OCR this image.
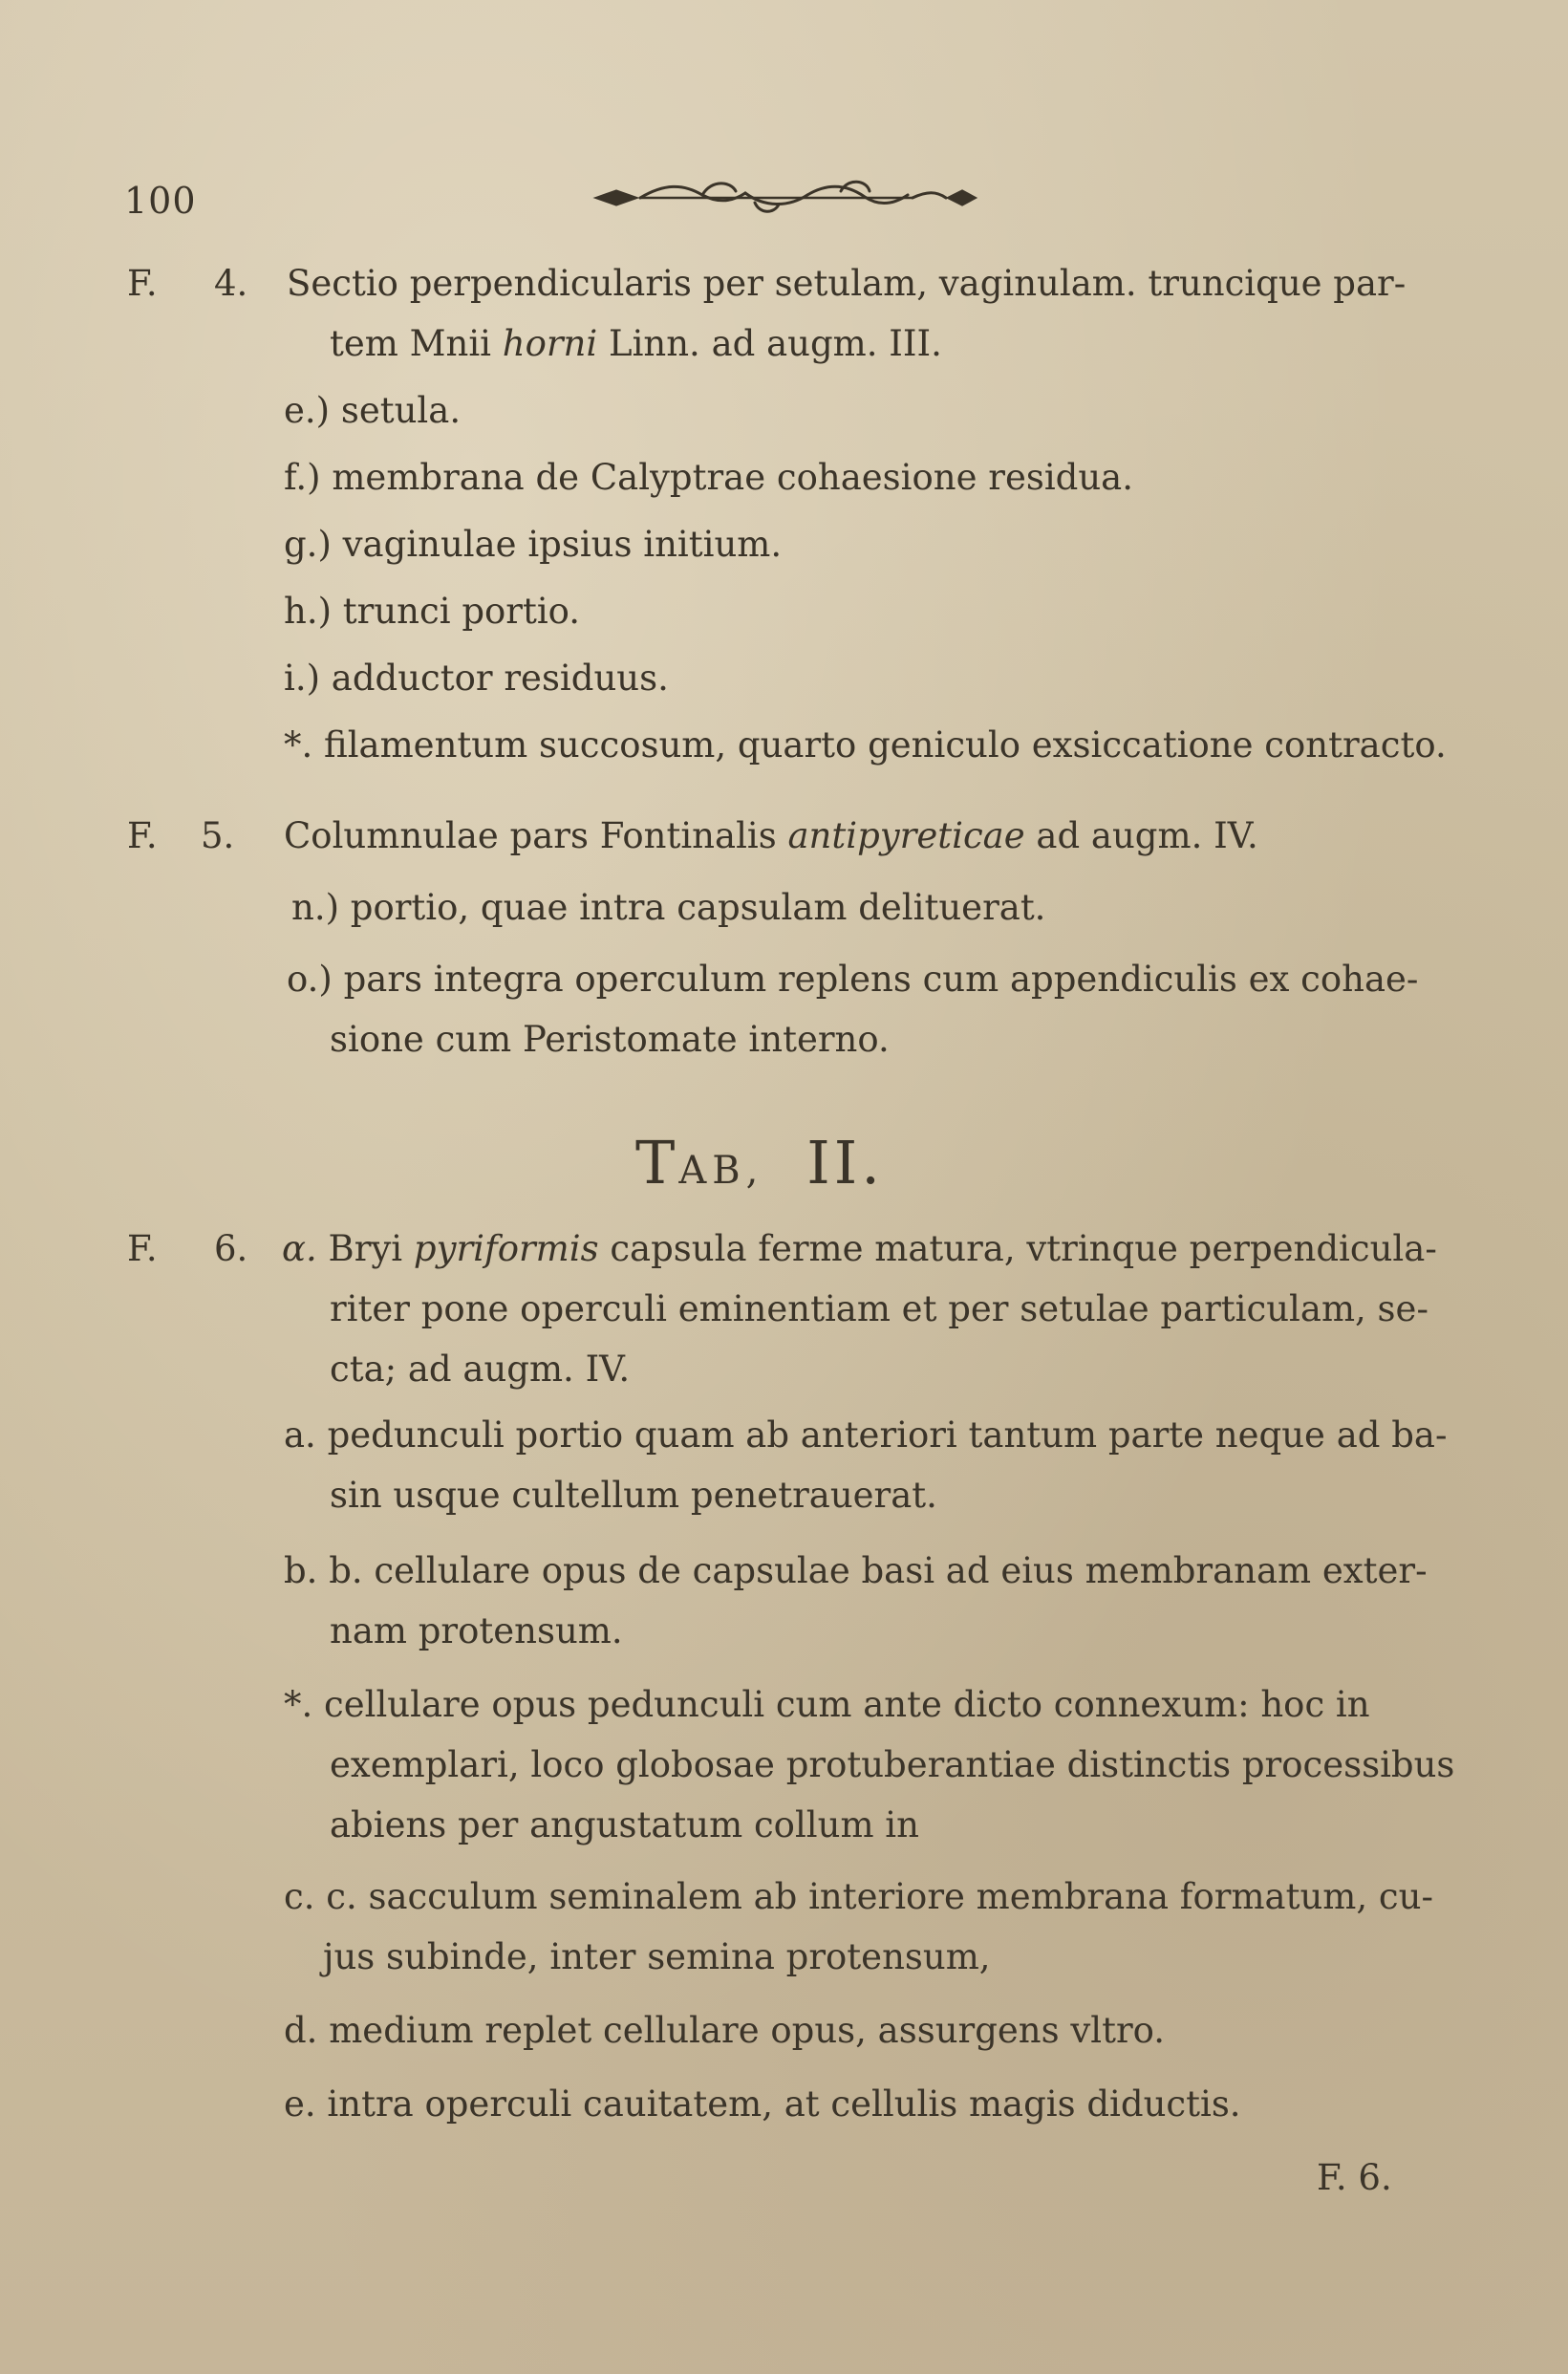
100
F. 4. Sectio perpendicularis per setulam, vaginulam. truncique par-
tem Mnii horni Linn. ad augm. III.
e.) setula.
f.) membrana de Calyptrae cohaesione residua.
g.) vaginulae ipsius initium.
h.) trunci portio.
i.) adductor residuus.
*. filamentum succosum, quarto geniculo exsiccatione contracto.
F. 5. Columnulae pars Fontinalis antipyreticae ad augm. IV.
n.) portio, quae intra capsulam delituerat.
o.) pars integra operculum replens cum appendiculis ex cohae-
sione cum Peristomate interno.
TAB, II.
F. 6. α. Bryi pyriformis capsula ferme matura, vtrinque perpendicula-
riter pone operculi eminentiam et per setulae particulam, se-
cta; ad augm. IV.
a. pedunculi portio quam ab anteriori tantum parte neque ad ba-
sin usque cultellum penetrauerat.
b. b. cellulare opus de capsulae basi ad eius membranam exter-
nam protensum.
*. cellulare opus pedunculi cum ante dicto connexum: hoc in
exemplari, loco globosae protuberantiae distinctis processibus
abiens per angustatum collum in
c. c. sacculum seminalem ab interiore membrana formatum, cu-
jus subinde, inter semina protensum,
d. medium replet cellulare opus, assurgens vltro.
e. intra operculi cauitatem, at cellulis magis diductis.
F. 6.
